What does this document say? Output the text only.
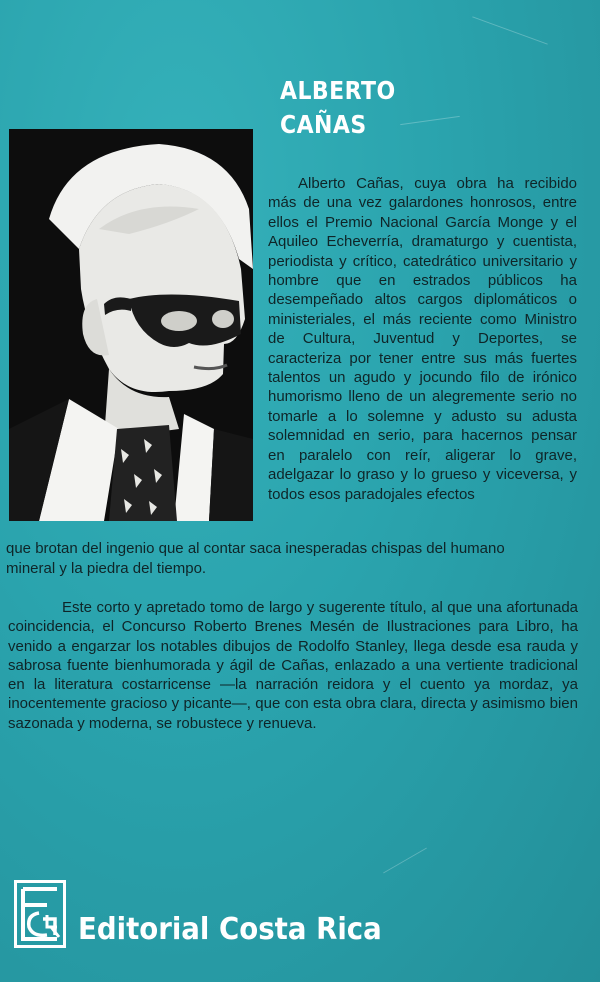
ALBERTO
CAÑAS

Alberto Cañas, cuya obra ha recibido más de una vez galardones honrosos, entre ellos el Premio Nacional García Monge y el Aquileo Echeverría, dramaturgo y cuentista, periodista y crítico, catedrático universitario y hombre que en estrados públicos ha desempeñado altos cargos diplomáticos o ministeriales, el más reciente como Ministro de Cultura, Juventud y Deportes, se caracteriza por tener entre sus más fuertes talentos un agudo y jocundo filo de irónico humorismo lleno de un alegremente serio no tomarle a lo solemne y adusto su adusta solemnidad en serio, para hacernos pensar en paralelo con reír, aligerar lo grave, adelgazar lo graso y lo grueso y viceversa, y todos esos paradojales efectos

que brotan del ingenio que al contar saca inesperadas chispas del humano
mineral y la piedra del tiempo.

Este corto y apretado tomo de largo y sugerente título, al que una afortunada coincidencia, el Concurso Roberto Brenes Mesén de Ilustraciones para Libro, ha venido a engarzar los notables dibujos de Rodolfo Stanley, llega desde esa rauda y sabrosa fuente bienhumorada y ágil de Cañas, enlazado a una vertiente tradicional en la literatura costarricense —la narración reidora y el cuento ya mordaz, ya inocentemente gracioso y picante—, que con esta obra clara, directa y asimismo bien sazonada y moderna, se robustece y renueva.

Editorial Costa Rica
